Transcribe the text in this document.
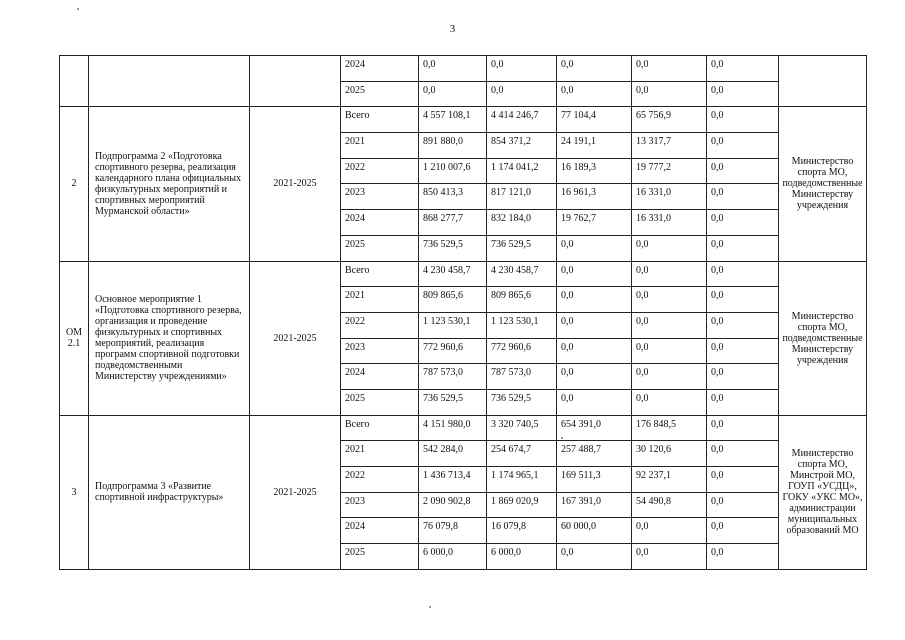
3
			2024	0,0	0,0	0,0	0,0	0,0	
			2025	0,0	0,0	0,0	0,0	0,0	
2	Подпрограмма 2 «Подготовка спортивного резерва, реализация календарного плана официальных физкультурных мероприятий и спортивных мероприятий Мурманской области»	2021-2025	Всего	4 557 108,1	4 414 246,7	77 104,4	65 756,9	0,0	Министерство спорта МО, подведомственные Министерству учреждения
			2021	891 880,0	854 371,2	24 191,1	13 317,7	0,0	
			2022	1 210 007,6	1 174 041,2	16 189,3	19 777,2	0,0	
			2023	850 413,3	817 121,0	16 961,3	16 331,0	0,0	
			2024	868 277,7	832 184,0	19 762,7	16 331,0	0,0	
			2025	736 529,5	736 529,5	0,0	0,0	0,0	
ОМ 2.1	Основное мероприятие 1 «Подготовка спортивного резерва, организация и проведение физкультурных и спортивных мероприятий, реализация программ спортивной подготовки подведомственными Министерству учреждениями»	2021-2025	Всего	4 230 458,7	4 230 458,7	0,0	0,0	0,0	Министерство спорта МО, подведомственные Министерству учреждения
			2021	809 865,6	809 865,6	0,0	0,0	0,0	
			2022	1 123 530,1	1 123 530,1	0,0	0,0	0,0	
			2023	772 960,6	772 960,6	0,0	0,0	0,0	
			2024	787 573,0	787 573,0	0,0	0,0	0,0	
			2025	736 529,5	736 529,5	0,0	0,0	0,0	
3	Подпрограмма 3 «Развитие спортивной инфраструктуры»	2021-2025	Всего	4 151 980,0	3 320 740,5	654 391,0	176 848,5	0,0	Министерство спорта МО, Минстрой МО, ГОУП «УСДЦ», ГОКУ «УКС МО», администрации муниципальных образований МО
			2021	542 284,0	254 674,7	257 488,7	30 120,6	0,0	
			2022	1 436 713,4	1 174 965,1	169 511,3	92 237,1	0,0	
			2023	2 090 902,8	1 869 020,9	167 391,0	54 490,8	0,0	
			2024	76 079,8	16 079,8	60 000,0	0,0	0,0	
			2025	6 000,0	6 000,0	0,0	0,0	0,0	
